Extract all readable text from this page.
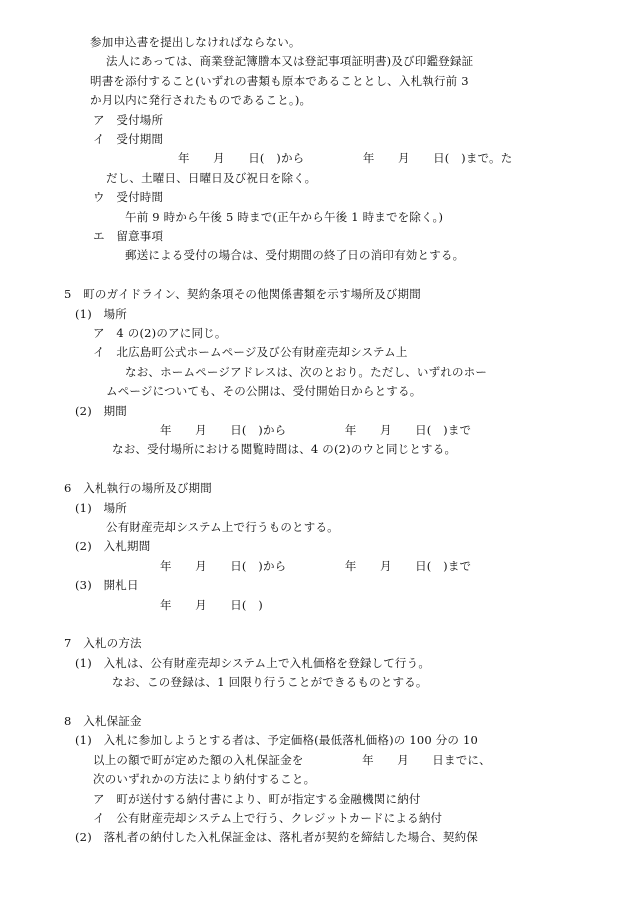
参加申込書を提出しなければならない。
法人にあっては、商業登記簿謄本又は登記事項証明書)及び印鑑登録証
明書を添付すること(いずれの書類も原本であることとし、入札執行前 3
か月以内に発行されたものであること。)。
ア　受付場所
イ　受付期間
年　　月　　日(　)から　　　　　年　　月　　日(　)まで。た
だし、土曜日、日曜日及び祝日を除く。
ウ　受付時間
午前 9 時から午後 5 時まで(正午から午後 1 時までを除く。)
エ　留意事項
郵送による受付の場合は、受付期間の終了日の消印有効とする。
5　町のガイドライン、契約条項その他関係書類を示す場所及び期間
(1)　場所
ア　4 の(2)のアに同じ。
イ　北広島町公式ホームページ及び公有財産売却システム上
なお、ホームページアドレスは、次のとおり。ただし、いずれのホー
ムページについても、その公開は、受付開始日からとする。
(2)　期間
年　　月　　日(　)から　　　　　年　　月　　日(　)まで
なお、受付場所における閲覧時間は、4 の(2)のウと同じとする。
6　入札執行の場所及び期間
(1)　場所
公有財産売却システム上で行うものとする。
(2)　入札期間
年　　月　　日(　)から　　　　　年　　月　　日(　)まで
(3)　開札日
年　　月　　日(　)
7　入札の方法
(1)　入札は、公有財産売却システム上で入札価格を登録して行う。
なお、この登録は、1 回限り行うことができるものとする。
8　入札保証金
(1)　入札に参加しようとする者は、予定価格(最低落札価格)の 100 分の 10
以上の額で町が定めた額の入札保証金を　　　　　年　　月　　日までに、
次のいずれかの方法により納付すること。
ア　町が送付する納付書により、町が指定する金融機関に納付
イ　公有財産売却システム上で行う、クレジットカードによる納付
(2)　落札者の納付した入札保証金は、落札者が契約を締結した場合、契約保
